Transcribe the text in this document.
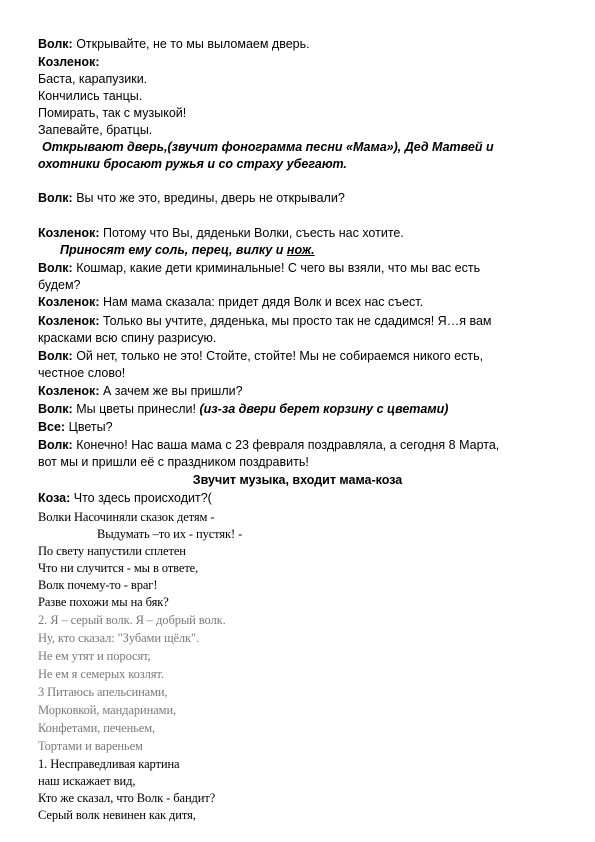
Волк: Открывайте, не то мы выломаем дверь.
Козленок:
Баста, карапузики.
Кончились танцы.
Помирать, так с музыкой!
Запевайте, братцы.
Открывают дверь,(звучит фонограмма песни «Мама»), Дед Матвей и
охотники бросают ружья и со страху убегают.
Волк: Вы что же это, вредины, дверь не открывали?
Козленок: Потому что Вы, дяденьки Волки, съесть нас хотите.
Приносят ему соль, перец, вилку и нож.
Волк: Кошмар, какие дети криминальные! С чего вы взяли, что мы вас есть
будем?
Козленок: Нам мама сказала: придет дядя Волк и всех нас съест.
Козленок: Только вы учтите, дяденька, мы просто так не сдадимся! Я…я вам
красками всю спину разрисую.
Волк: Ой нет, только не это! Стойте, стойте! Мы не собираемся никого есть,
честное слово!
Козленок: А зачем же вы пришли?
Волк: Мы цветы принесли! (из-за двери берет корзину с цветами)
Все: Цветы?
Волк: Конечно! Нас ваша мама с 23 февраля поздравляла, а сегодня 8 Марта,
вот мы и пришли её с праздником поздравить!
Звучит музыка, входит мама-коза
Коза: Что здесь происходит?(
Волки Насочиняли сказок детям -
Выдумать –то их - пустяк! -
По свету напустили сплетен
Что ни случится - мы в ответе,
Волк почему-то - враг!
Разве похожи мы на бяк?
2. Я – серый волк. Я – добрый волк.
Ну, кто сказал: "Зубами щёлк".
Не ем утят и поросят,
Не ем я семерых козлят.
3 Питаюсь апельсинами,
Морковкой, мандаринами,
Конфетами, печеньем,
Тортами и вареньем
1. Несправедливая картина
наш искажает вид,
Кто же сказал, что Волк - бандит?
Серый волк невинен как дитя,
